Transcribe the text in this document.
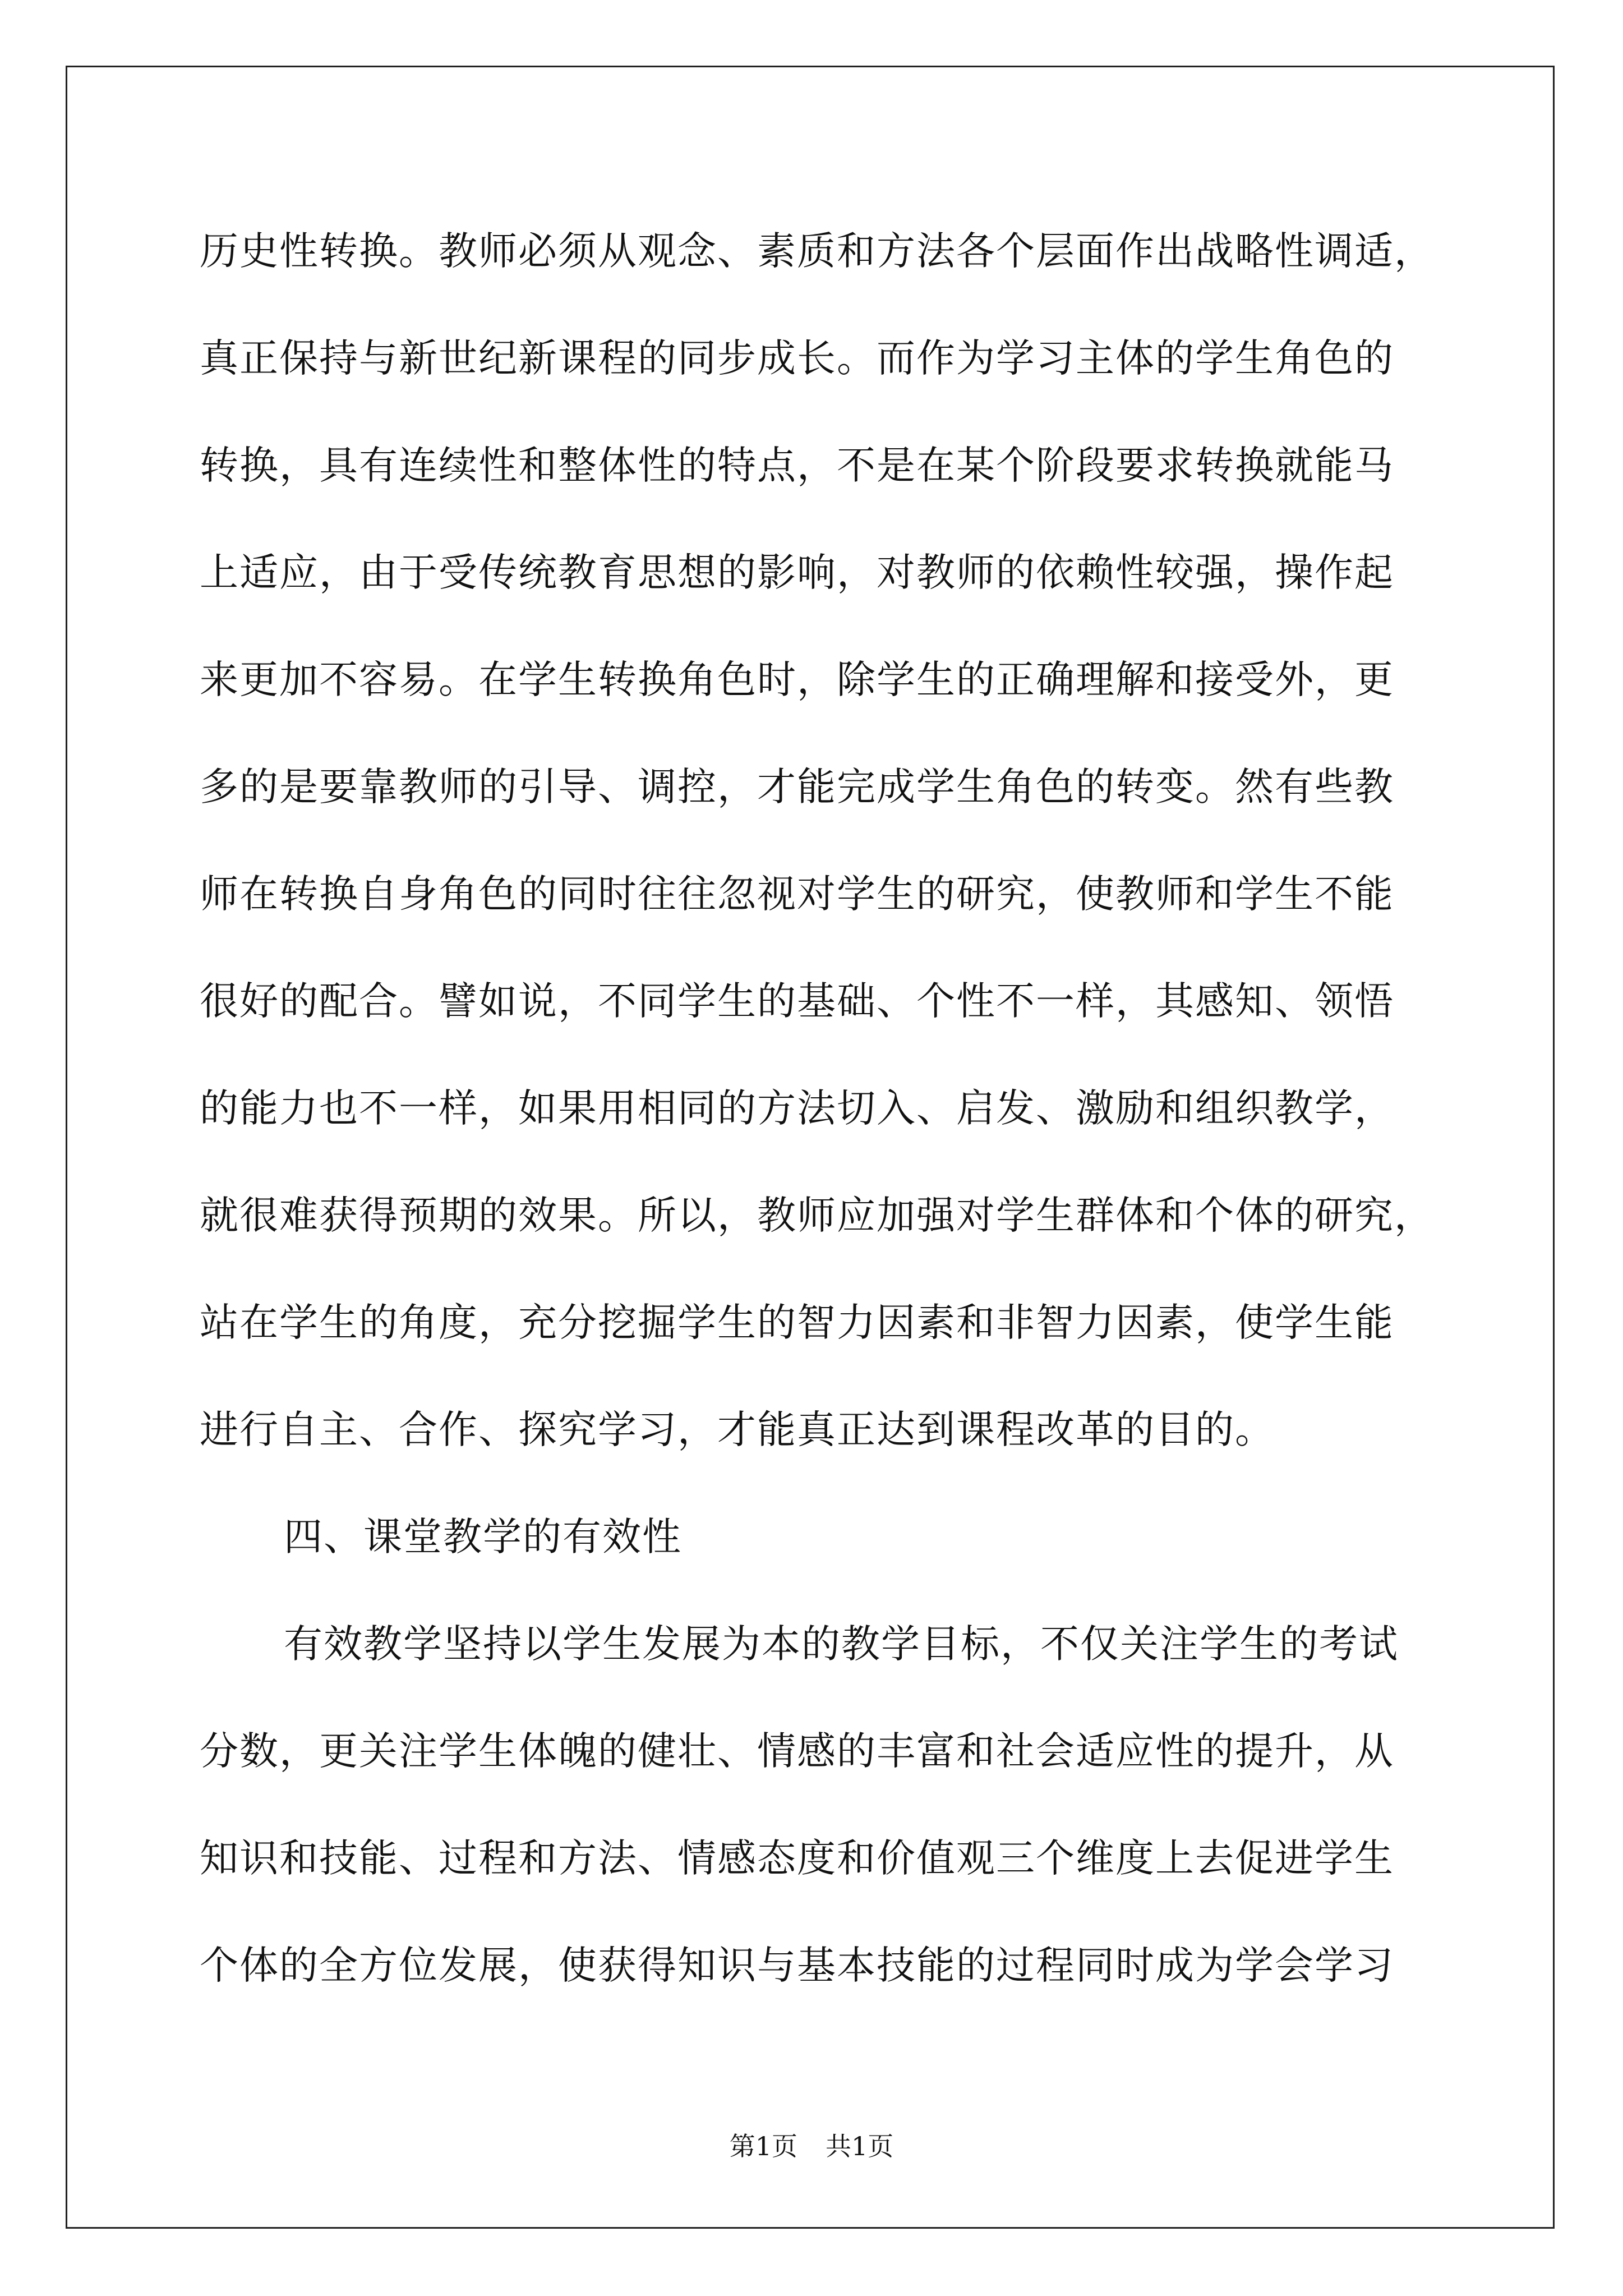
历史性转换。教师必须从观念、素质和方法各个层面作出战略性调适，
真正保持与新世纪新课程的同步成长。而作为学习主体的学生角色的
转换，具有连续性和整体性的特点，不是在某个阶段要求转换就能马
上适应，由于受传统教育思想的影响，对教师的依赖性较强，操作起
来更加不容易。在学生转换角色时，除学生的正确理解和接受外，更
多的是要靠教师的引导、调控，才能完成学生角色的转变。然有些教
师在转换自身角色的同时往往忽视对学生的研究，使教师和学生不能
很好的配合。譬如说，不同学生的基础、个性不一样，其感知、领悟
的能力也不一样，如果用相同的方法切入、启发、激励和组织教学，
就很难获得预期的效果。所以，教师应加强对学生群体和个体的研究，
站在学生的角度，充分挖掘学生的智力因素和非智力因素，使学生能
进行自主、合作、探究学习，才能真正达到课程改革的目的。
四、课堂教学的有效性
有效教学坚持以学生发展为本的教学目标，不仅关注学生的考试
分数，更关注学生体魄的健壮、情感的丰富和社会适应性的提升，从
知识和技能、过程和方法、情感态度和价值观三个维度上去促进学生
个体的全方位发展，使获得知识与基本技能的过程同时成为学会学习
第1页 共1页
